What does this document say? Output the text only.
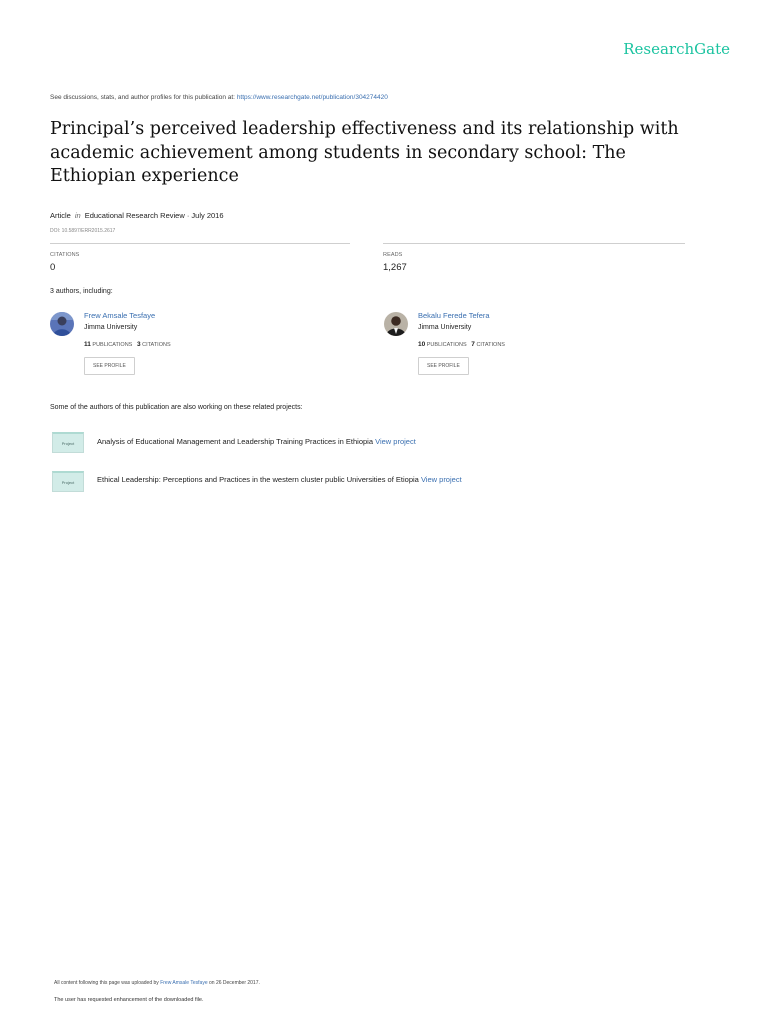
ResearchGate
See discussions, stats, and author profiles for this publication at: https://www.researchgate.net/publication/304274420
Principal’s perceived leadership effectiveness and its relationship with academic achievement among students in secondary school: The Ethiopian experience
Article in Educational Research Review · July 2016
DOI: 10.5897/ERR2015.2617
CITATIONS
0
READS
1,267
3 authors, including:
Frew Amsale Tesfaye
Jimma University
11 PUBLICATIONS 3 CITATIONS
SEE PROFILE
Bekalu Ferede Tefera
Jimma University
10 PUBLICATIONS 7 CITATIONS
SEE PROFILE
Some of the authors of this publication are also working on these related projects:
Project	Analysis of Educational Management and Leadership Training Practices in Ethiopia View project
Project	Ethical Leadership: Perceptions and Practices in the western cluster public Universities of Etiopia View project
All content following this page was uploaded by Frew Amsale Tesfaye on 26 December 2017.
The user has requested enhancement of the downloaded file.
